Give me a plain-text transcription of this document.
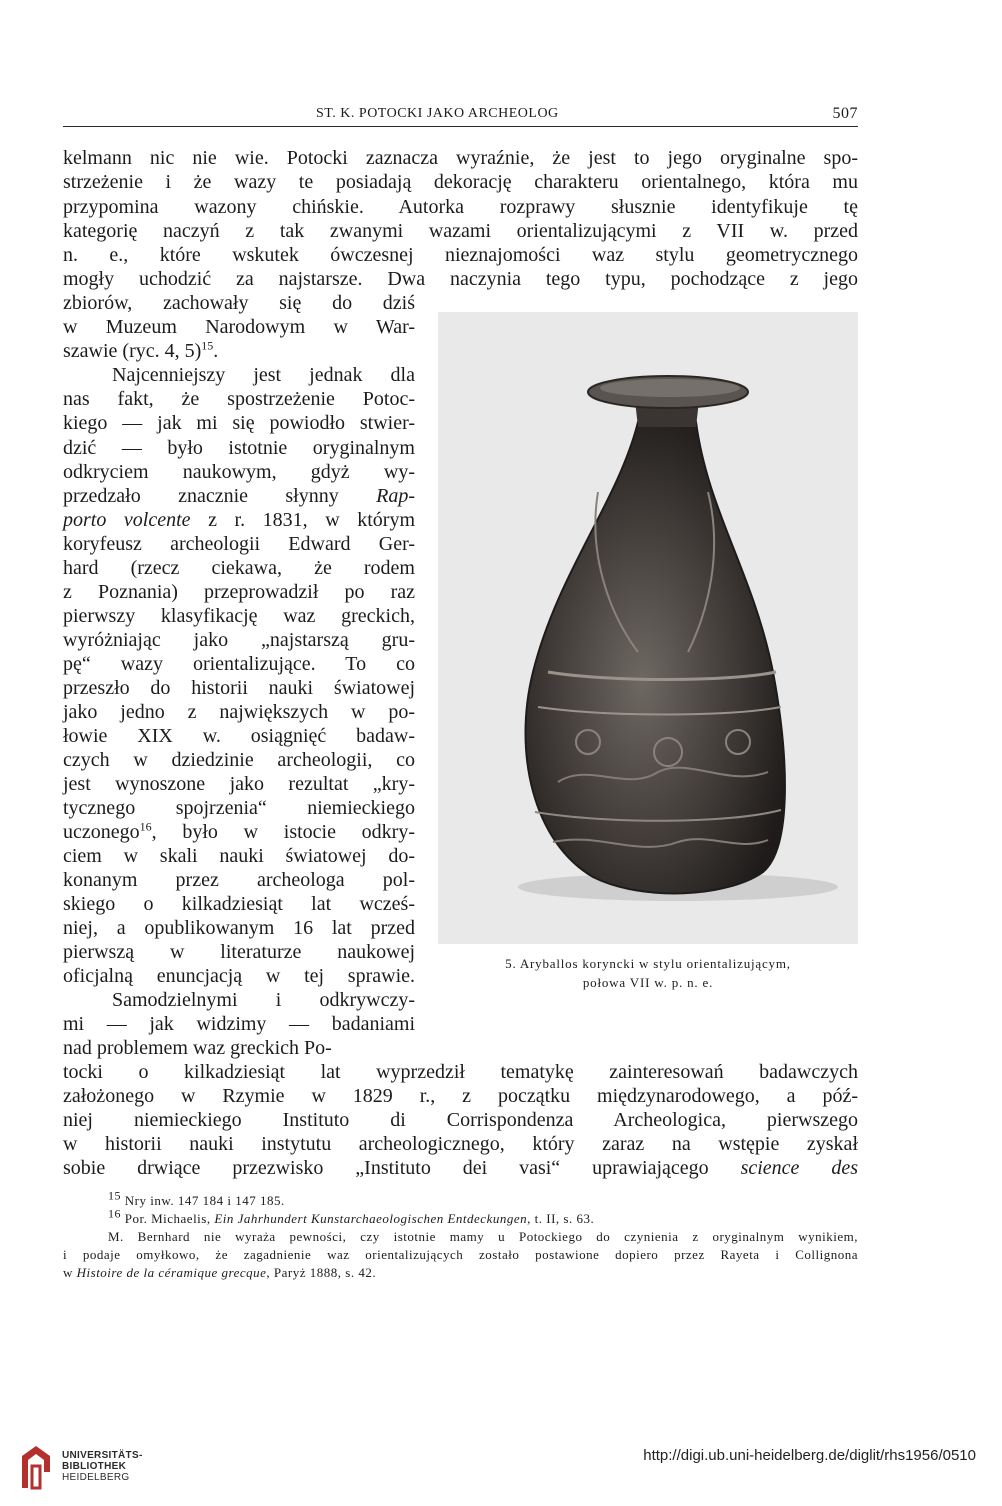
ST. K. POTOCKI JAKO ARCHEOLOG	507
kelmann nic nie wie. Potocki zaznacza wyraźnie, że jest to jego oryginalne spo-
strzeżenie i że wazy te posiadają dekorację charakteru orientalnego, która mu
przypomina wazony chińskie. Autorka rozprawy słusznie identyfikuje tę
kategorię naczyń z tak zwanymi wazami orientalizującymi z VII w. przed
n. e., które wskutek ówczesnej nieznajomości waz stylu geometrycznego
mogły uchodzić za najstarsze. Dwa naczynia tego typu, pochodzące z jego
zbiorów, zachowały się do dziś
w Muzeum Narodowym w War-
szawie (ryc. 4, 5)$^{15}$.
Najcenniejszy jest jednak dla
nas fakt, że spostrzeżenie Potoc-
kiego — jak mi się powiodło stwier-
dzić — było istotnie oryginalnym
odkryciem naukowym, gdyż wy-
przedzało znacznie słynny Rap-
porto volcente z r. 1831, w którym
koryfeusz archeologii Edward Ger-
hard (rzecz ciekawa, że rodem
z Poznania) przeprowadził po raz
pierwszy klasyfikację waz greckich,
wyróżniając jako „najstarszą gru-
pę“ wazy orientalizujące. To co
przeszło do historii nauki światowej
jako jedno z największych w po-
łowie XIX w. osiągnięć badaw-
czych w dziedzinie archeologii, co
jest wynoszone jako rezultat „kry-
tycznego spojrzenia“ niemieckiego
uczonego$^{16}$, było w istocie odkry-
ciem w skali nauki światowej do-
konanym przez archeologa pol-
skiego o kilkadziesiąt lat wcześ-
niej, a opublikowanym 16 lat przed
pierwszą w literaturze naukowej
oficjalną enuncjacją w tej sprawie.
Samodzielnymi i odkrywczy-
mi — jak widzimy — badaniami
nad problemem waz greckich Po-
5. Aryballos koryncki w stylu orientalizującym,
połowa VII w. p. n. e.
tocki o kilkadziesiąt lat wyprzedził tematykę zainteresowań badawczych
założonego w Rzymie w 1829 r., z początku międzynarodowego, a póź-
niej niemieckiego Instituto di Corrispondenza Archeologica, pierwszego
w historii nauki instytutu archeologicznego, który zaraz na wstępie zyskał
sobie drwiące przezwisko „Instituto dei vasi“ uprawiającego science des
$^{15}$ Nry inw. 147 184 i 147 185.
$^{16}$ Por. Michaelis, Ein Jahrhundert Kunstarchaeologischen Entdeckungen, t. II, s. 63.
M. Bernhard nie wyraża pewności, czy istotnie mamy u Potockiego do czynienia z oryginalnym wynikiem,
i podaje omyłkowo, że zagadnienie waz orientalizujących zostało postawione dopiero przez Rayeta i Collignona
w Histoire de la céramique grecque, Paryż 1888, s. 42.
UNIVERSITÄTS-
BIBLIOTHEK
HEIDELBERG
http://digi.ub.uni-heidelberg.de/diglit/rhs1956/0510
